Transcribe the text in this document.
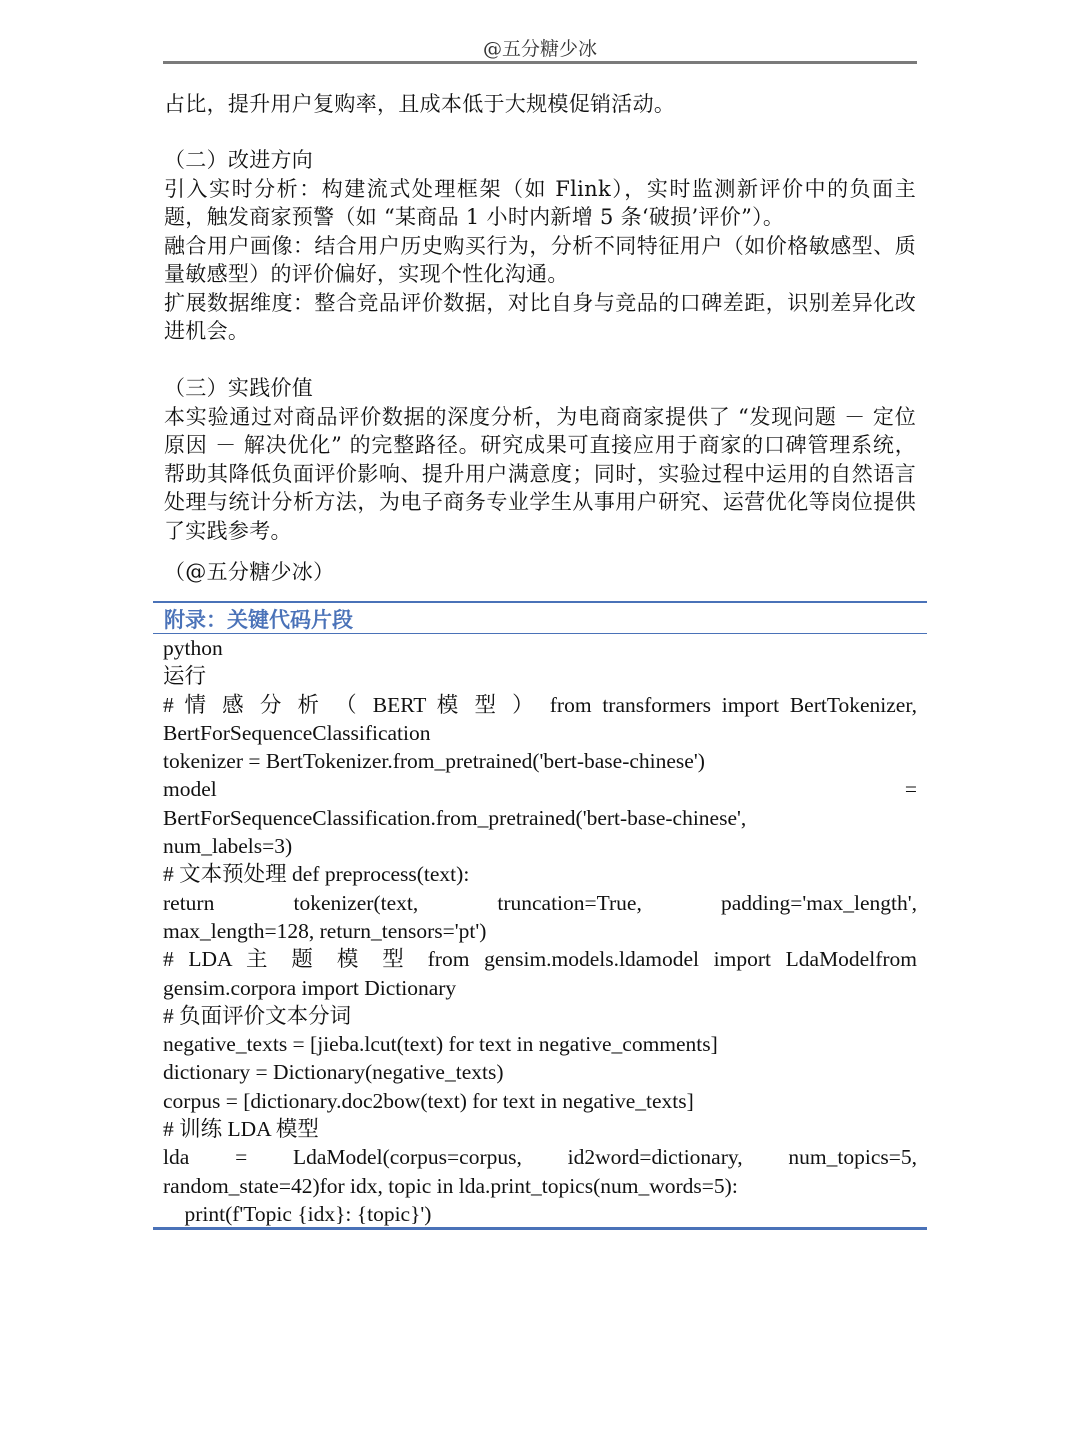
@五分糖少冰

占比，提升用户复购率，且成本低于大规模促销活动。

（二）改进方向

引入实时分析：构建流式处理框架（如 Flink），实时监测新评价中的负面主题，触发商家预警（如 “某商品 1 小时内新增 5 条‘破损’评价”）。

融合用户画像：结合用户历史购买行为，分析不同特征用户（如价格敏感型、质量敏感型）的评价偏好，实现个性化沟通。

扩展数据维度：整合竞品评价数据，对比自身与竞品的口碑差距，识别差异化改进机会。

（三）实践价值

本实验通过对商品评价数据的深度分析，为电商商家提供了 “发现问题 － 定位原因 － 解决优化” 的完整路径。研究成果可直接应用于商家的口碑管理系统，帮助其降低负面评价影响、提升用户满意度；同时，实验过程中运用的自然语言处理与统计分析方法，为电子商务专业学生从事用户研究、运营优化等岗位提供了实践参考。

（@五分糖少冰）

附录：关键代码片段

python

运行

# 情 感 分 析 （ BERT 模 型 ） from transformers import BertTokenizer,

BertForSequenceClassification

tokenizer = BertTokenizer.from_pretrained('bert-base-chinese')

model =

BertForSequenceClassification.from_pretrained('bert-base-chinese',

num_labels=3)

# 文本预处理 def preprocess(text):

return tokenizer(text, truncation=True, padding='max_length',

max_length=128, return_tensors='pt')

# LDA 主 题 模 型 from gensim.models.ldamodel import LdaModelfrom

gensim.corpora import Dictionary

# 负面评价文本分词

negative_texts = [jieba.lcut(text) for text in negative_comments]

dictionary = Dictionary(negative_texts)

corpus = [dictionary.doc2bow(text) for text in negative_texts]

# 训练 LDA 模型

lda = LdaModel(corpus=corpus, id2word=dictionary, num_topics=5,

random_state=42)for idx, topic in lda.print_topics(num_words=5):

print(f'Topic {idx}: {topic}')
